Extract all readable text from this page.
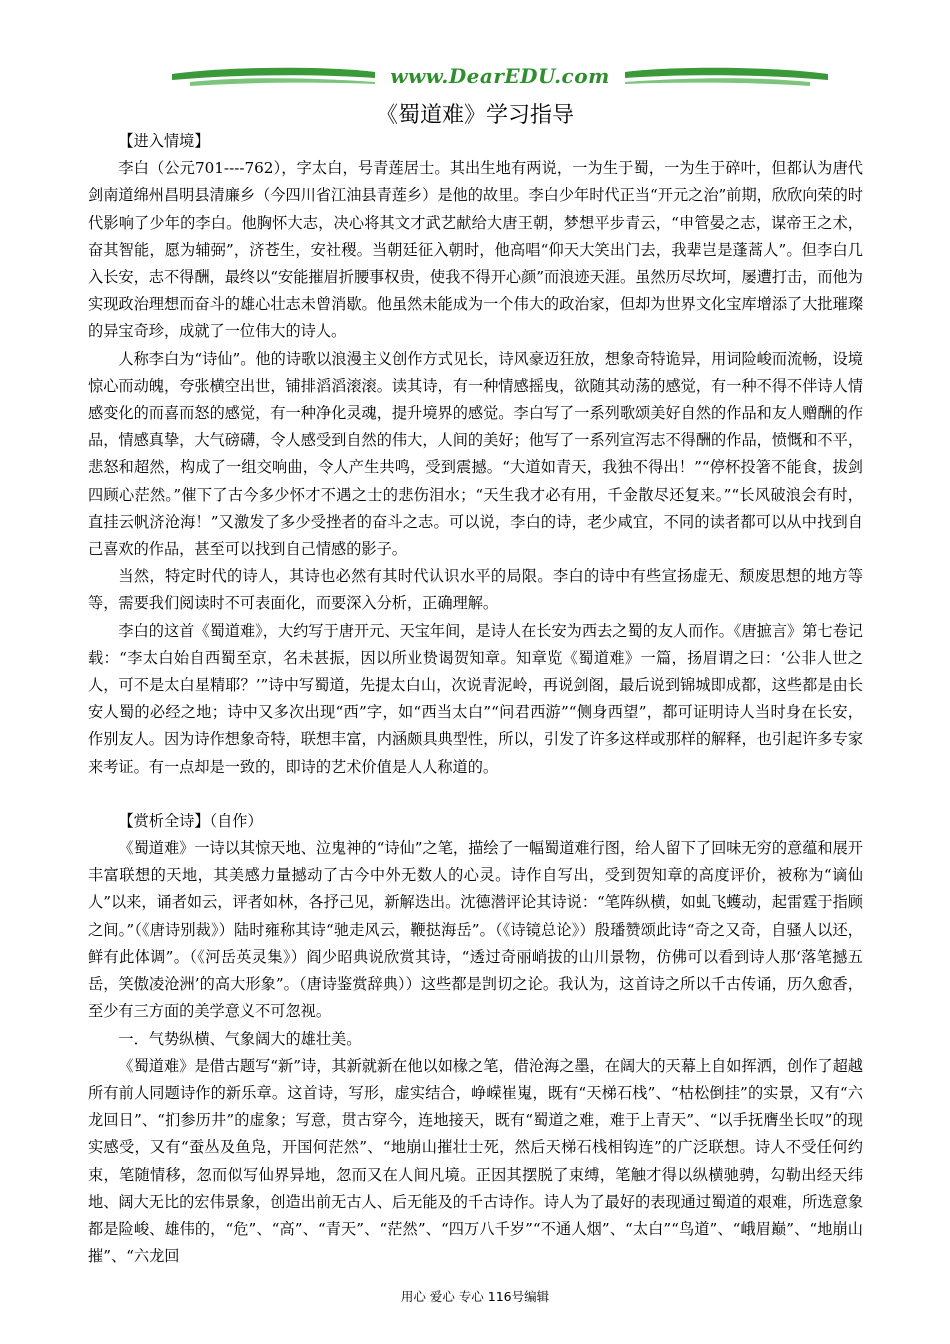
www.DearEDU.com
《蜀道难》学习指导

【进入情境】

李白（公元701----762），字太白，号青莲居士。其出生地有两说，一为生于蜀，一为生于碎叶，但都认为唐代剑南道绵州昌明县清廉乡（今四川省江油县青莲乡）是他的故里。李白少年时代正当“开元之治”前期，欣欣向荣的时代影响了少年的李白。他胸怀大志，决心将其文才武艺献给大唐王朝，梦想平步青云，“申管晏之志，谋帝王之术，奋其智能，愿为辅弼”，济苍生，安社稷。当朝廷征入朝时，他高唱“仰天大笑出门去，我辈岂是蓬蒿人”。但李白几入长安，志不得酬，最终以“安能摧眉折腰事权贵，使我不得开心颜”而浪迹天涯。虽然历尽坎坷，屡遭打击，而他为实现政治理想而奋斗的雄心壮志未曾消歇。他虽然未能成为一个伟大的政治家，但却为世界文化宝库增添了大批璀璨的异宝奇珍，成就了一位伟大的诗人。

人称李白为“诗仙”。他的诗歌以浪漫主义创作方式见长，诗风豪迈狂放，想象奇特诡异，用词险峻而流畅，设境惊心而动魄，夸张横空出世，铺排滔滔滚滚。读其诗，有一种情感摇曳，欲随其动荡的感觉，有一种不得不伴诗人情感变化的而喜而怒的感觉，有一种净化灵魂，提升境界的感觉。李白写了一系列歌颂美好自然的作品和友人赠酬的作品，情感真挚，大气磅礴，令人感受到自然的伟大，人间的美好；他写了一系列宣泻志不得酬的作品，愤慨和不平，悲怒和超然，构成了一组交响曲，令人产生共鸣，受到震撼。“大道如青天，我独不得出！”“停杯投箸不能食，拔剑四顾心茫然。”催下了古今多少怀才不遇之士的悲伤泪水；“天生我才必有用，千金散尽还复来。”“长风破浪会有时，直挂云帆济沧海！”又激发了多少受挫者的奋斗之志。可以说，李白的诗，老少咸宜，不同的读者都可以从中找到自己喜欢的作品，甚至可以找到自己情感的影子。

当然，特定时代的诗人，其诗也必然有其时代认识水平的局限。李白的诗中有些宣扬虚无、颓废思想的地方等等，需要我们阅读时不可表面化，而要深入分析，正确理解。

李白的这首《蜀道难》，大约写于唐开元、天宝年间，是诗人在长安为西去之蜀的友人而作。《唐摭言》第七卷记载：“李太白始自西蜀至京，名未甚振，因以所业贽谒贺知章。知章览《蜀道难》一篇，扬眉谓之曰：‘公非人世之人，可不是太白星精耶？’”诗中写蜀道，先提太白山，次说青泥岭，再说剑阁，最后说到锦城即成都，这些都是由长安人蜀的必经之地；诗中又多次出现“西”字，如“西当太白”“问君西游”“侧身西望”，都可证明诗人当时身在长安，作别友人。因为诗作想象奇特，联想丰富，内涵颇具典型性，所以，引发了许多这样或那样的解释，也引起许多专家来考证。有一点却是一致的，即诗的艺术价值是人人称道的。

【赏析全诗】（自作）

《蜀道难》一诗以其惊天地、泣鬼神的“诗仙”之笔，描绘了一幅蜀道难行图，给人留下了回味无穷的意蕴和展开丰富联想的天地，其美感力量撼动了古今中外无数人的心灵。诗作自写出，受到贺知章的高度评价，被称为“谪仙人”以来，诵者如云，评者如林，各抒己见，新解迭出。沈德潜评论其诗说：“笔阵纵横，如虬飞蠖动，起雷霆于指顾之间。”（《唐诗别裁》）陆时雍称其诗“驰走风云，鞭挞海岳”。（《诗镜总论》）殷璠赞颂此诗“奇之又奇，自骚人以还，鲜有此体调”。（《河岳英灵集》）阎少昭典说欣赏其诗，“透过奇丽峭拔的山川景物，仿佛可以看到诗人那‘落笔撼五岳，笑傲凌沧洲’的高大形象”。（唐诗鉴赏辞典））这些都是剀切之论。我认为，这首诗之所以千古传诵，历久愈香，至少有三方面的美学意义不可忽视。

一．气势纵横、气象阔大的雄壮美。

《蜀道难》是借古题写“新”诗，其新就新在他以如椽之笔，借沧海之墨，在阔大的天幕上自如挥洒，创作了超越所有前人同题诗作的新乐章。这首诗，写形，虚实结合，峥嵘崔嵬，既有“天梯石栈”、“枯松倒挂”的实景，又有“六龙回日”、“扪参历井”的虚象；写意，贯古穿今，连地接天，既有“蜀道之难，难于上青天”、“以手抚膺坐长叹”的现实感受，又有“蚕丛及鱼凫，开国何茫然”、“地崩山摧壮士死，然后天梯石栈相钩连”的广泛联想。诗人不受任何约束，笔随情移，忽而似写仙界异地，忽而又在人间凡境。正因其摆脱了束缚，笔触才得以纵横驰骋，勾勒出经天纬地、阔大无比的宏伟景象，创造出前无古人、后无能及的千古诗作。诗人为了最好的表现通过蜀道的艰难，所选意象都是险峻、雄伟的，“危”、“高”、“青天”、“茫然”、“四万八千岁”“不通人烟”、“太白”“鸟道”、“峨眉巅”、“地崩山摧”、“六龙回

用心 爱心 专心 116号编辑
